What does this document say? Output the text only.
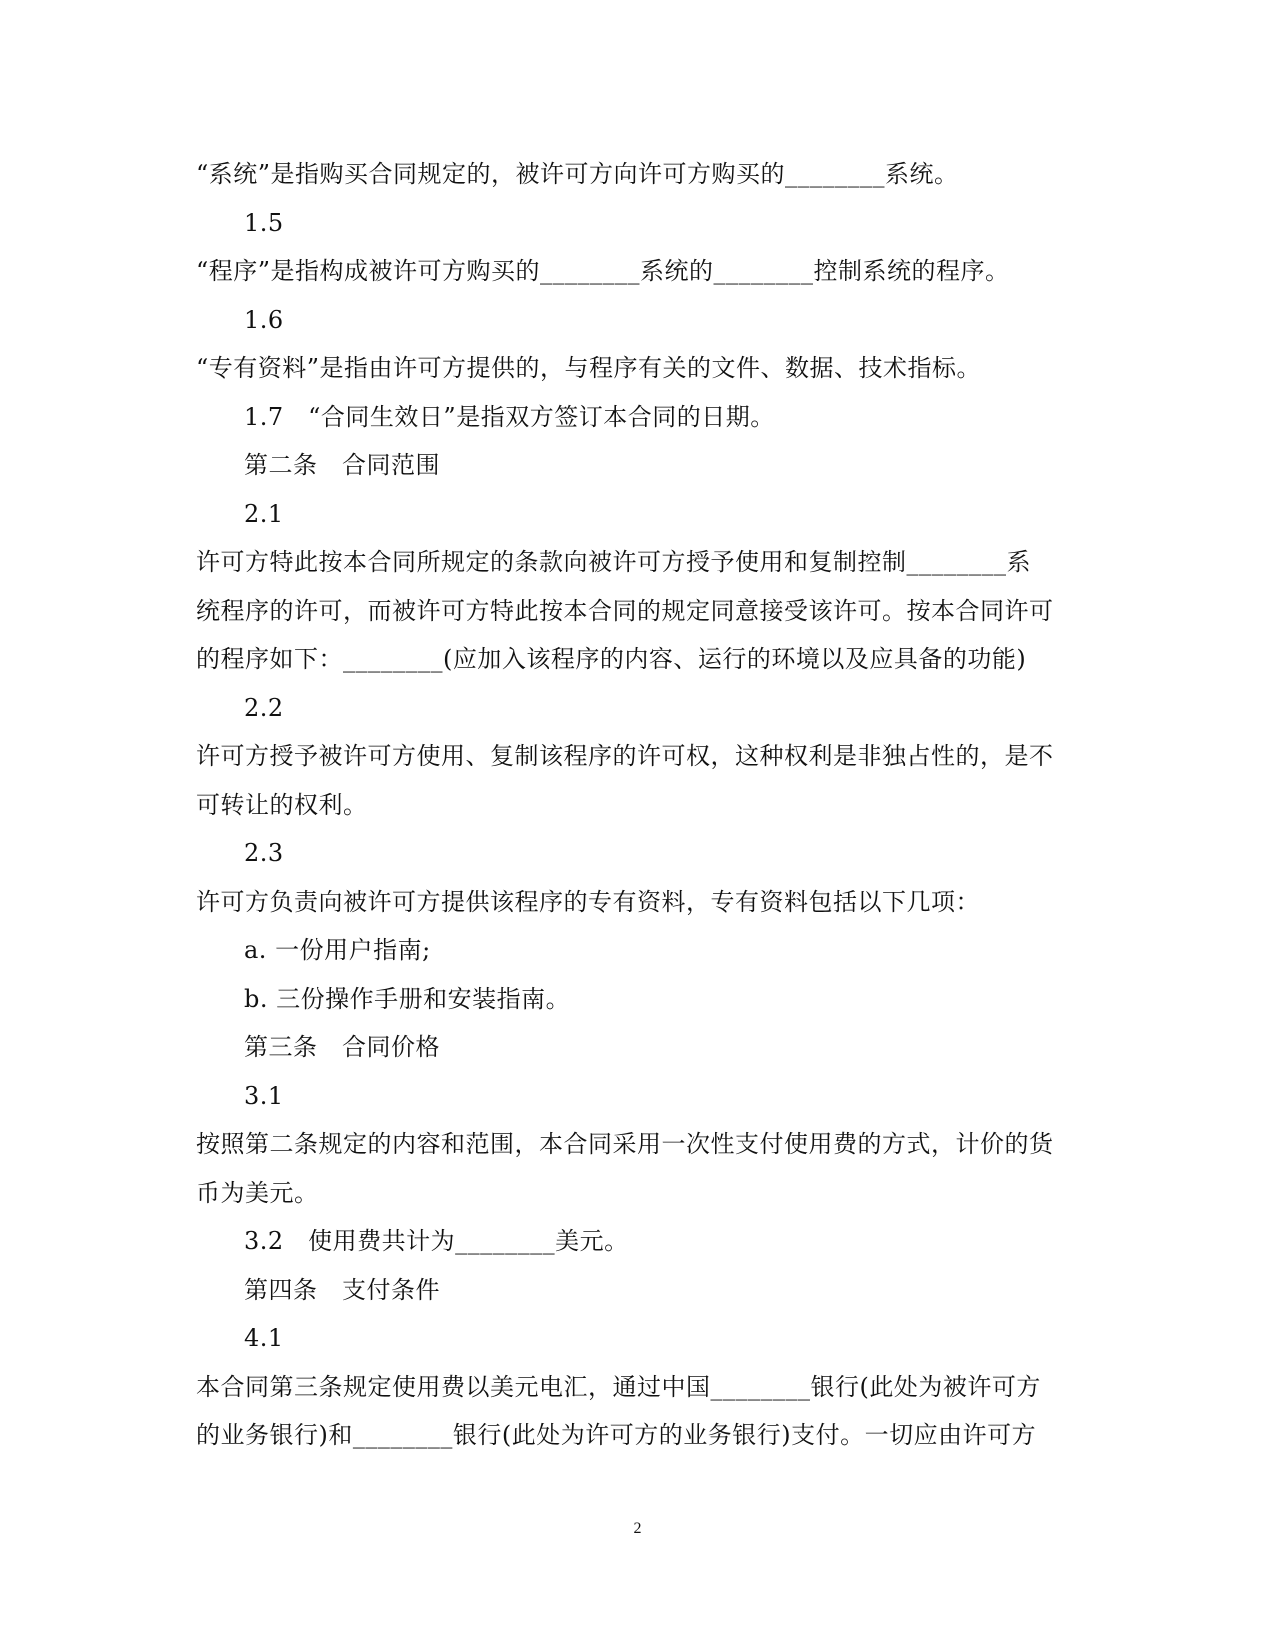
“系统”是指购买合同规定的，被许可方向许可方购买的________系统。
1.5
“程序”是指构成被许可方购买的________系统的________控制系统的程序。
1.6
“专有资料”是指由许可方提供的，与程序有关的文件、数据、技术指标。
1.7　“合同生效日”是指双方签订本合同的日期。
第二条　合同范围
2.1
许可方特此按本合同所规定的条款向被许可方授予使用和复制控制________系
统程序的许可，而被许可方特此按本合同的规定同意接受该许可。按本合同许可
的程序如下：________(应加入该程序的内容、运行的环境以及应具备的功能)
2.2
许可方授予被许可方使用、复制该程序的许可权，这种权利是非独占性的，是不
可转让的权利。
2.3
许可方负责向被许可方提供该程序的专有资料，专有资料包括以下几项：
a. 一份用户指南;
b. 三份操作手册和安装指南。
第三条　合同价格
3.1
按照第二条规定的内容和范围，本合同采用一次性支付使用费的方式，计价的货
币为美元。
3.2　使用费共计为________美元。
第四条　支付条件
4.1
本合同第三条规定使用费以美元电汇，通过中国________银行(此处为被许可方
的业务银行)和________银行(此处为许可方的业务银行)支付。一切应由许可方
2
